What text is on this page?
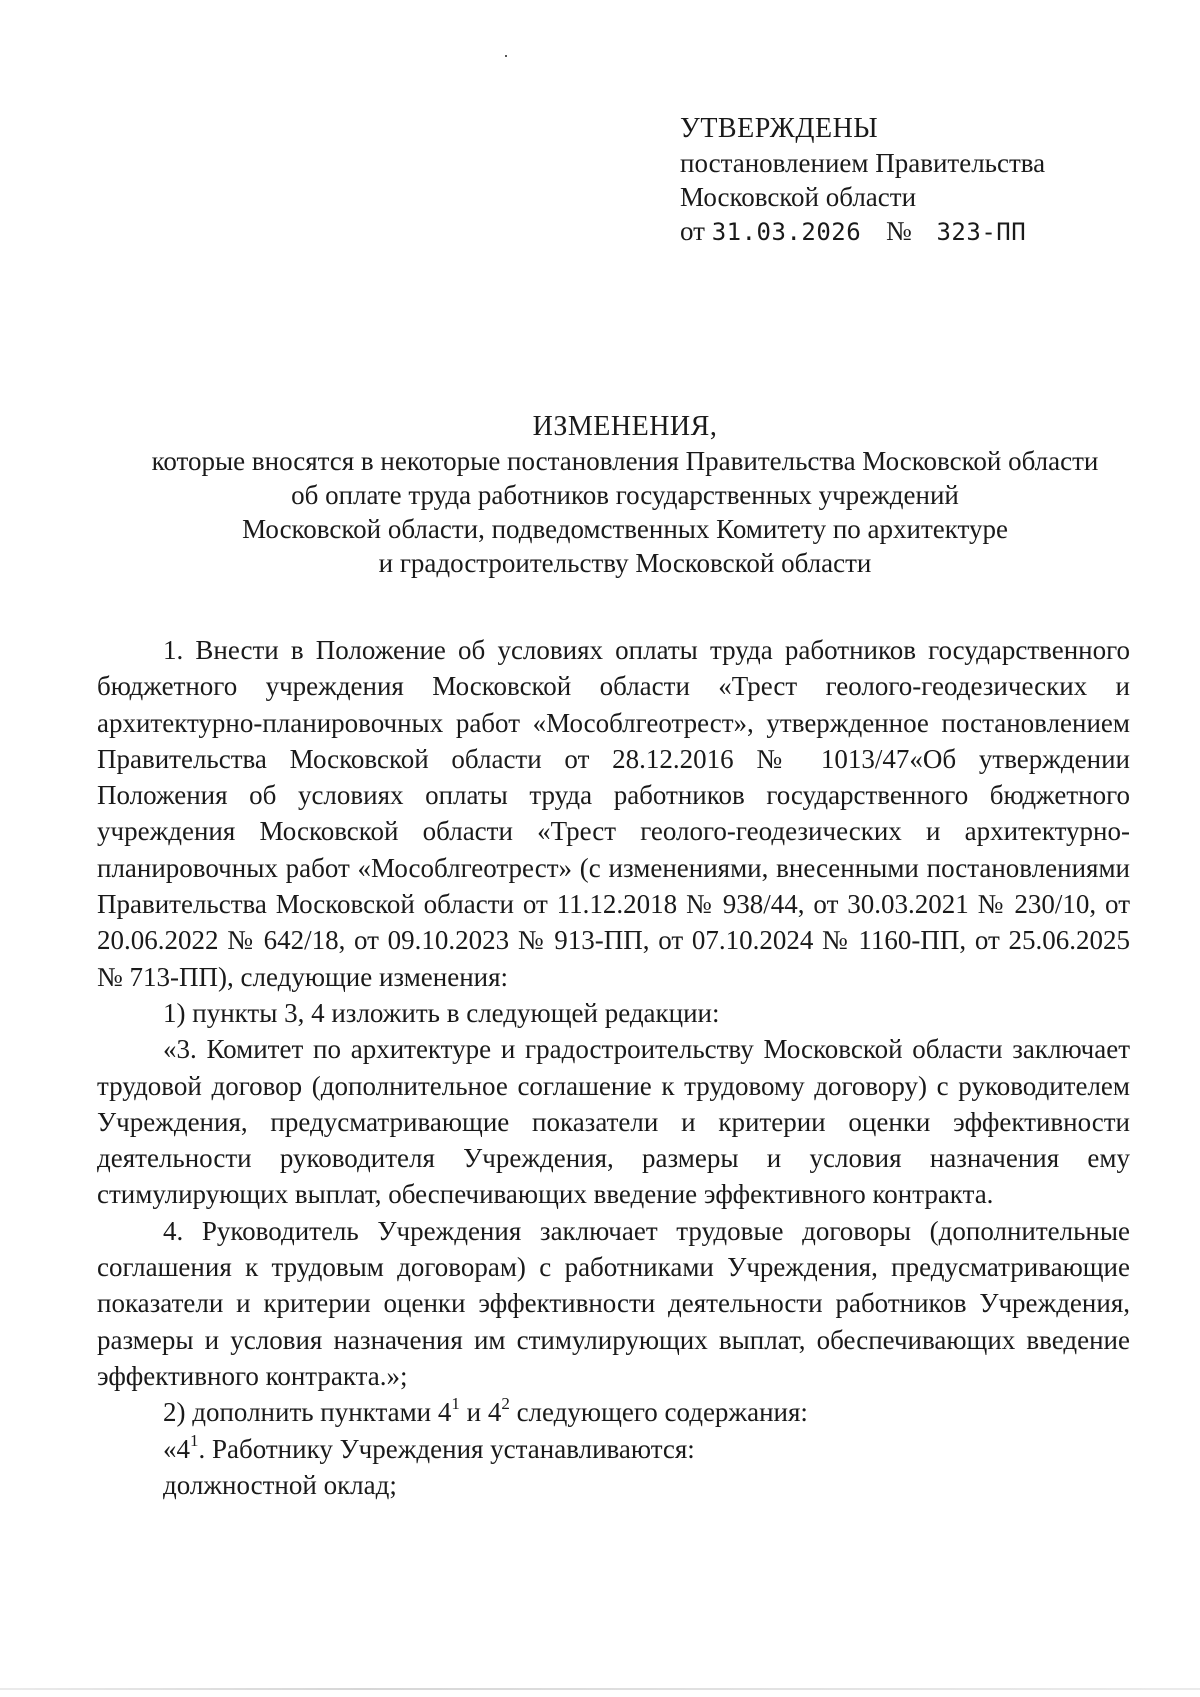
УТВЕРЖДЕНЫ
постановлением Правительства
Московской области
от 31.03.2026 № 323-ПП
ИЗМЕНЕНИЯ,
которые вносятся в некоторые постановления Правительства Московской области
об оплате труда работников государственных учреждений
Московской области, подведомственных Комитету по архитектуре
и градостроительству Московской области

1. Внести в Положение об условиях оплаты труда работников государственного бюджетного учреждения Московской области «Трест геолого-геодезических и архитектурно-планировочных работ «Мособлгеотрест», утвержденное постановлением Правительства Московской области от 28.12.2016 № 1013/47«Об утверждении Положения об условиях оплаты труда работников государственного бюджетного учреждения Московской области «Трест геолого-геодезических и архитектурно-планировочных работ «Мособлгеотрест» (с изменениями, внесенными постановлениями Правительства Московской области от 11.12.2018 № 938/44, от 30.03.2021 № 230/10, от 20.06.2022 № 642/18, от 09.10.2023 № 913-ПП, от 07.10.2024 № 1160-ПП, от 25.06.2025 № 713-ПП), следующие изменения:

1) пункты 3, 4 изложить в следующей редакции:

«3. Комитет по архитектуре и градостроительству Московской области заключает трудовой договор (дополнительное соглашение к трудовому договору) с руководителем Учреждения, предусматривающие показатели и критерии оценки эффективности деятельности руководителя Учреждения, размеры и условия назначения ему стимулирующих выплат, обеспечивающих введение эффективного контракта.

4. Руководитель Учреждения заключает трудовые договоры (дополнительные соглашения к трудовым договорам) с работниками Учреждения, предусматривающие показатели и критерии оценки эффективности деятельности работников Учреждения, размеры и условия назначения им стимулирующих выплат, обеспечивающих введение эффективного контракта.»;

2) дополнить пунктами $4^1$ и $4^2$ следующего содержания:

«$4^1$. Работнику Учреждения устанавливаются:

должностной оклад;
